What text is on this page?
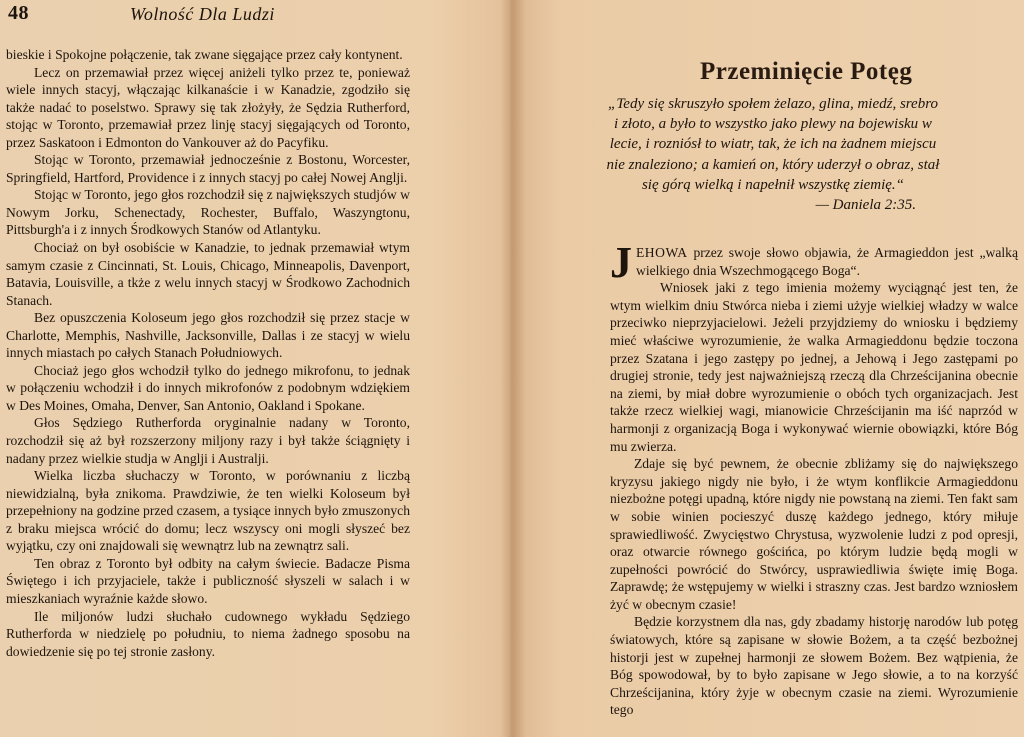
48	Wolność Dla Ludzi

bieskie i Spokojne połączenie, tak zwane sięgające przez cały kontynent.

Lecz on przemawiał przez więcej aniżeli tylko przez te, ponieważ wiele innych stacyj, włączając kilkanaście i w Kanadzie, zgodziło się także nadać to poselstwo. Sprawy się tak złożyły, że Sędzia Rutherford, stojąc w Toronto, przemawiał przez linję stacyj sięgających od Toronto, przez Saskatoon i Edmonton do Vankouver aż do Pacyfiku.

Stojąc w Toronto, przemawiał jednocześnie z Bostonu, Worcester, Springfield, Hartford, Providence i z innych stacyj po całej Nowej Anglji.

Stojąc w Toronto, jego głos rozchodził się z największych studjów w Nowym Jorku, Schenectady, Rochester, Buffalo, Waszyngtonu, Pittsburgh'a i z innych Środkowych Stanów od Atlantyku.

Chociaż on był osobiście w Kanadzie, to jednak przemawiał wtym samym czasie z Cincinnati, St. Louis, Chicago, Minneapolis, Davenport, Batavia, Louisville, a tkże z welu innych stacyj w Środkowo Zachodnich Stanach.

Bez opuszczenia Koloseum jego głos rozchodził się przez stacje w Charlotte, Memphis, Nashville, Jacksonville, Dallas i ze stacyj w wielu innych miastach po całych Stanach Południowych.

Chociaż jego głos wchodził tylko do jednego mikrofonu, to jednak w połączeniu wchodził i do innych mikrofonów z podobnym wdziękiem w Des Moines, Omaha, Denver, San Antonio, Oakland i Spokane.

Głos Sędziego Rutherforda oryginalnie nadany w Toronto, rozchodził się aż był rozszerzony miljony razy i był także ściągnięty i nadany przez wielkie studja w Anglji i Australji.

Wielka liczba słuchaczy w Toronto, w porównaniu z liczbą niewidzialną, była znikoma. Prawdziwie, że ten wielki Koloseum był przepełniony na godzine przed czasem, a tysiące innych było zmuszonych z braku miejsca wrócić do domu; lecz wszyscy oni mogli słyszeć bez wyjątku, czy oni znajdowali się wewnątrz lub na zewnątrz sali.

Ten obraz z Toronto był odbity na całym świecie. Badacze Pisma Świętego i ich przyjaciele, także i publiczność słyszeli w salach i w mieszkaniach wyraźnie każde słowo.

Ile miljonów ludzi słuchało cudownego wykładu Sędziego Rutherforda w niedzielę po południu, to niema żadnego sposobu na dowiedzenie się po tej stronie zasłony.

Przeminięcie Potęg
„Tedy się skruszyło społem żelazo, glina, miedź, srebro i złoto, a było to wszystko jako plewy na bojewisku w lecie, i rozniósł to wiatr, tak, że ich na żadnem miejscu nie znaleziono; a kamień on, który uderzył o obraz, stał się górą wielką i napełnił wszystkę ziemię.“
— Daniela 2:35.

JEHOWA przez swoje słowo objawia, że Armagieddon jest „walką wielkiego dnia Wszechmogącego Boga“.

Wniosek jaki z tego imienia możemy wyciągnąć jest ten, że wtym wielkim dniu Stwórca nieba i ziemi użyje wielkiej władzy w walce przeciwko nieprzyjacielowi. Jeżeli przyjdziemy do wniosku i będziemy mieć właściwe wyrozumienie, że walka Armagieddonu będzie toczona przez Szatana i jego zastępy po jednej, a Jehową i Jego zastępami po drugiej stronie, tedy jest najważniejszą rzeczą dla Chrześcijanina obecnie na ziemi, by miał dobre wyrozumienie o obóch tych organizacjach. Jest także rzecz wielkiej wagi, mianowicie Chrześcijanin ma iść naprzód w harmonji z organizacją Boga i wykonywać wiernie obowiązki, które Bóg mu zwierza.

Zdaje się być pewnem, że obecnie zbliżamy się do największego kryzysu jakiego nigdy nie było, i że wtym konflikcie Armagieddonu niezbożne potęgi upadną, które nigdy nie powstaną na ziemi. Ten fakt sam w sobie winien pocieszyć duszę każdego jednego, który miłuje sprawiedliwość. Zwycięstwo Chrystusa, wyzwolenie ludzi z pod opresji, oraz otwarcie równego gościńca, po którym ludzie będą mogli w zupełności powrócić do Stwórcy, usprawiedliwia święte imię Boga. Zaprawdę; że wstępujemy w wielki i straszny czas. Jest bardzo wzniosłem żyć w obecnym czasie!

Będzie korzystnem dla nas, gdy zbadamy historję narodów lub potęg światowych, które są zapisane w słowie Bożem, a ta część bezbożnej historji jest w zupełnej harmonji ze słowem Bożem. Bez wątpienia, że Bóg spowodował, by to było zapisane w Jego słowie, a to na korzyść Chrześcijanina, który żyje w obecnym czasie na ziemi. Wyrozumienie tego
